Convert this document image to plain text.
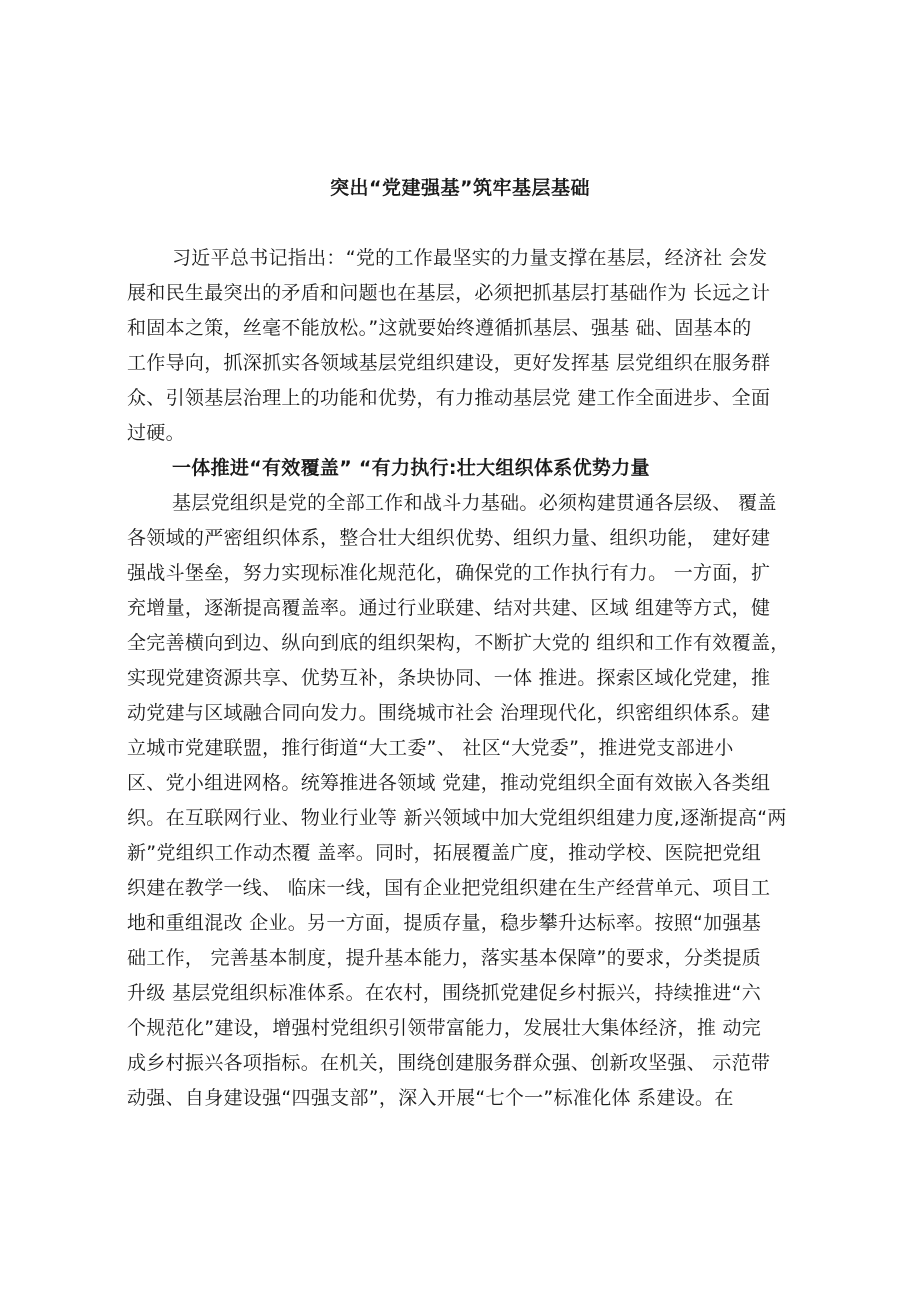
突出“党建强基”筑牢基层基础
习近平总书记指出：“党的工作最坚实的力量支撑在基层，经济社 会发
展和民生最突出的矛盾和问题也在基层，必须把抓基层打基础作为 长远之计
和固本之策，丝毫不能放松。”这就要始终遵循抓基层、强基 础、固基本的
工作导向，抓深抓实各领域基层党组织建设，更好发挥基 层党组织在服务群
众、引领基层治理上的功能和优势，有力推动基层党 建工作全面进步、全面
过硬。
一体推进“有效覆盖” “有力执行:壮大组织体系优势力量
基层党组织是党的全部工作和战斗力基础。必须构建贯通各层级、 覆盖
各领域的严密组织体系，整合壮大组织优势、组织力量、组织功能， 建好建
强战斗堡垒，努力实现标准化规范化，确保党的工作执行有力。 一方面，扩
充增量，逐渐提高覆盖率。通过行业联建、结对共建、区域 组建等方式，健
全完善横向到边、纵向到底的组织架构，不断扩大党的 组织和工作有效覆盖，
实现党建资源共享、优势互补，条块协同、一体 推进。探索区域化党建，推
动党建与区域融合同向发力。围绕城市社会 治理现代化，织密组织体系。建
立城市党建联盟，推行街道“大工委”、 社区“大党委”，推进党支部进小
区、党小组进网格。统筹推进各领域 党建，推动党组织全面有效嵌入各类组
织。在互联网行业、物业行业等 新兴领域中加大党组织组建力度,逐渐提高“两
新”党组织工作动杰覆 盖率。同时，拓展覆盖广度，推动学校、医院把党组
织建在教学一线、 临床一线，国有企业把党组织建在生产经营单元、项目工
地和重组混改 企业。另一方面，提质存量，稳步攀升达标率。按照“加强基
础工作， 完善基本制度，提升基本能力，落实基本保障”的要求，分类提质
升级 基层党组织标准体系。在农村，围绕抓党建促乡村振兴，持续推进“六
个规范化”建设，增强村党组织引领带富能力，发展壮大集体经济，推 动完
成乡村振兴各项指标。在机关，围绕创建服务群众强、创新攻坚强、 示范带
动强、自身建设强“四强支部”，深入开展“七个一”标准化体 系建设。在
